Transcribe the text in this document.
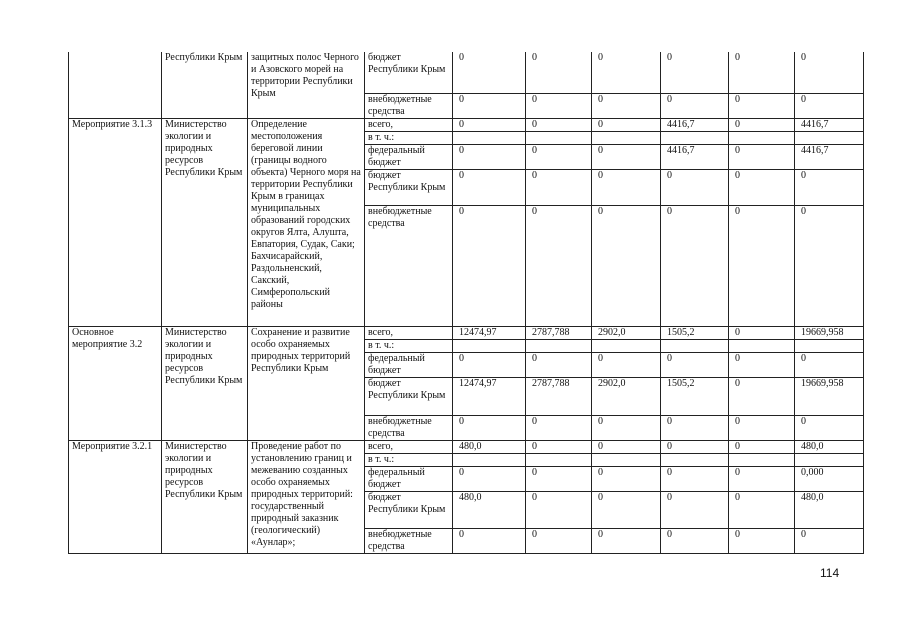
	Республики Крым	защитных полос Черного и Азовского морей на территории Республики Крым	бюджет Республики Крым	0	0	0	0	0	0
			внебюджетные средства	0	0	0	0	0	0
Мероприятие 3.1.3	Министерство экологии и природных ресурсов Республики Крым	Определение местоположения береговой линии (границы водного объекта) Черного моря на территории Республики Крым в границах муниципальных образований городских округов Ялта, Алушта, Евпатория, Судак, Саки; Бахчисарайский, Раздольненский, Сакский, Симферопольский районы	всего,	0	0	0	4416,7	0	4416,7
			в т. ч.:						
			федеральный бюджет	0	0	0	4416,7	0	4416,7
			бюджет Республики Крым	0	0	0	0	0	0
			внебюджетные средства	0	0	0	0	0	0
Основное мероприятие 3.2	Министерство экологии и природных ресурсов Республики Крым	Сохранение и развитие особо охраняемых природных территорий Республики Крым	всего,	12474,97	2787,788	2902,0	1505,2	0	19669,958
			в т. ч.:						
			федеральный бюджет	0	0	0	0	0	0
			бюджет Республики Крым	12474,97	2787,788	2902,0	1505,2	0	19669,958
			внебюджетные средства	0	0	0	0	0	0
Мероприятие 3.2.1	Министерство экологии и природных ресурсов Республики Крым	Проведение работ по установлению границ и межеванию созданных особо охраняемых природных территорий: государственный природный заказник (геологический) «Аунлар»;	всего,	480,0	0	0	0	0	480,0
			в т. ч.:						
			федеральный бюджет	0	0	0	0	0	0,000
			бюджет Республики Крым	480,0	0	0	0	0	480,0
			внебюджетные средства	0	0	0	0	0	0
114
